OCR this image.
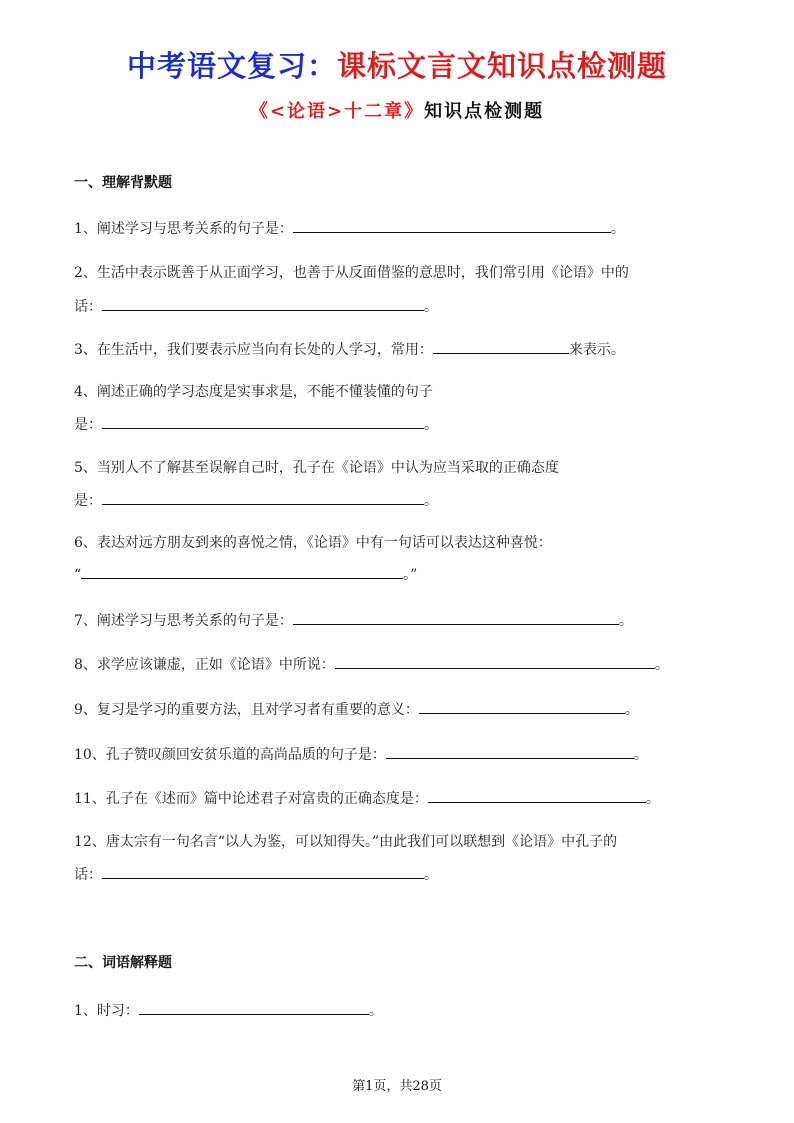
中考语文复习：课标文言文知识点检测题
《<论语>十二章》知识点检测题
一、理解背默题
1、阐述学习与思考关系的句子是：	。
2、生活中表示既善于从正面学习，也善于从反面借鉴的意思时，我们常引用《论语》中的
话：	。
3、在生活中，我们要表示应当向有长处的人学习，常用：	来表示。
4、阐述正确的学习态度是实事求是，不能不懂装懂的句子
是：	。
5、当别人不了解甚至误解自己时，孔子在《论语》中认为应当采取的正确态度
是：	。
6、表达对远方朋友到来的喜悦之情，《论语》中有一句话可以表达这种喜悦：
“	。”
7、阐述学习与思考关系的句子是：	。
8、求学应该谦虚，正如《论语》中所说：	。
9、复习是学习的重要方法，且对学习者有重要的意义：	。
10、孔子赞叹颜回安贫乐道的高尚品质的句子是：	。
11、孔子在《述而》篇中论述君子对富贵的正确态度是：	。
12、唐太宗有一句名言“以人为鉴，可以知得失。”由此我们可以联想到《论语》中孔子的
话：	。
二、词语解释题
1、时习：	。
第1页，共28页
